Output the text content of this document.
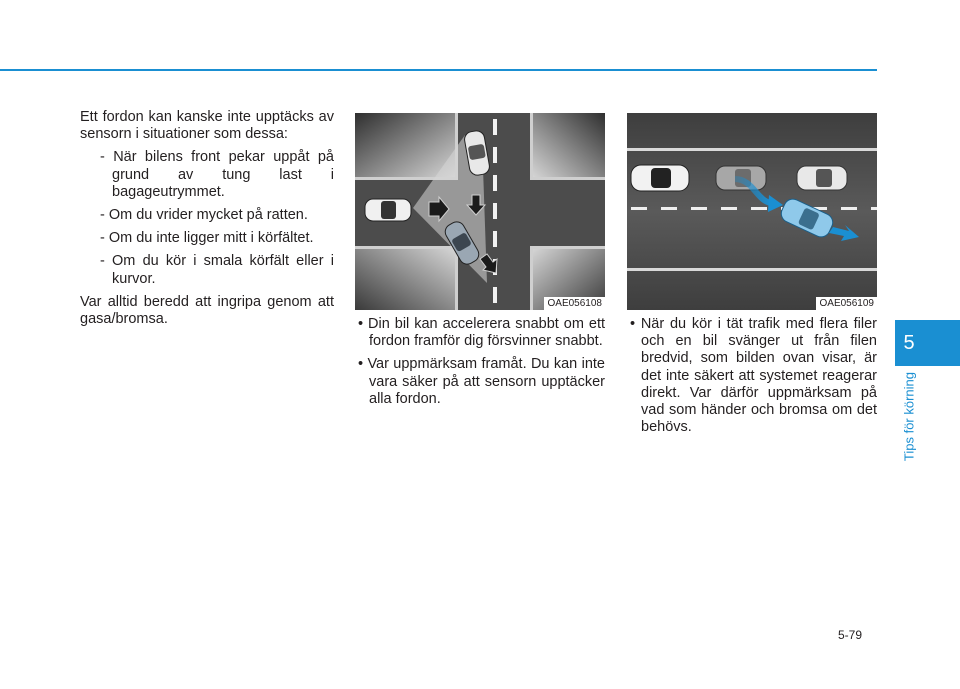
Ett fordon kan kanske inte upptäcks av sensorn i situationer som dessa:

- När bilens front pekar uppåt på grund av tung last i bagageutrymmet.

- Om du vrider mycket på ratten.

- Om du inte ligger mitt i körfältet.

- Om du kör i smala körfält eller i kurvor.

Var alltid beredd att ingripa genom att gasa/bromsa.

OAE056108	OAE056109

• Din bil kan accelerera snabbt om ett fordon framför dig försvinner snabbt.

• Var uppmärksam framåt. Du kan inte vara säker på att sensorn upptäcker alla fordon.

• När du kör i tät trafik med flera filer och en bil svänger ut från filen bredvid, som bilden ovan visar, är det inte säkert att systemet reagerar direkt. Var därför uppmärksam på vad som händer och bromsa om det behövs.

5
Tips för körning
5-79
